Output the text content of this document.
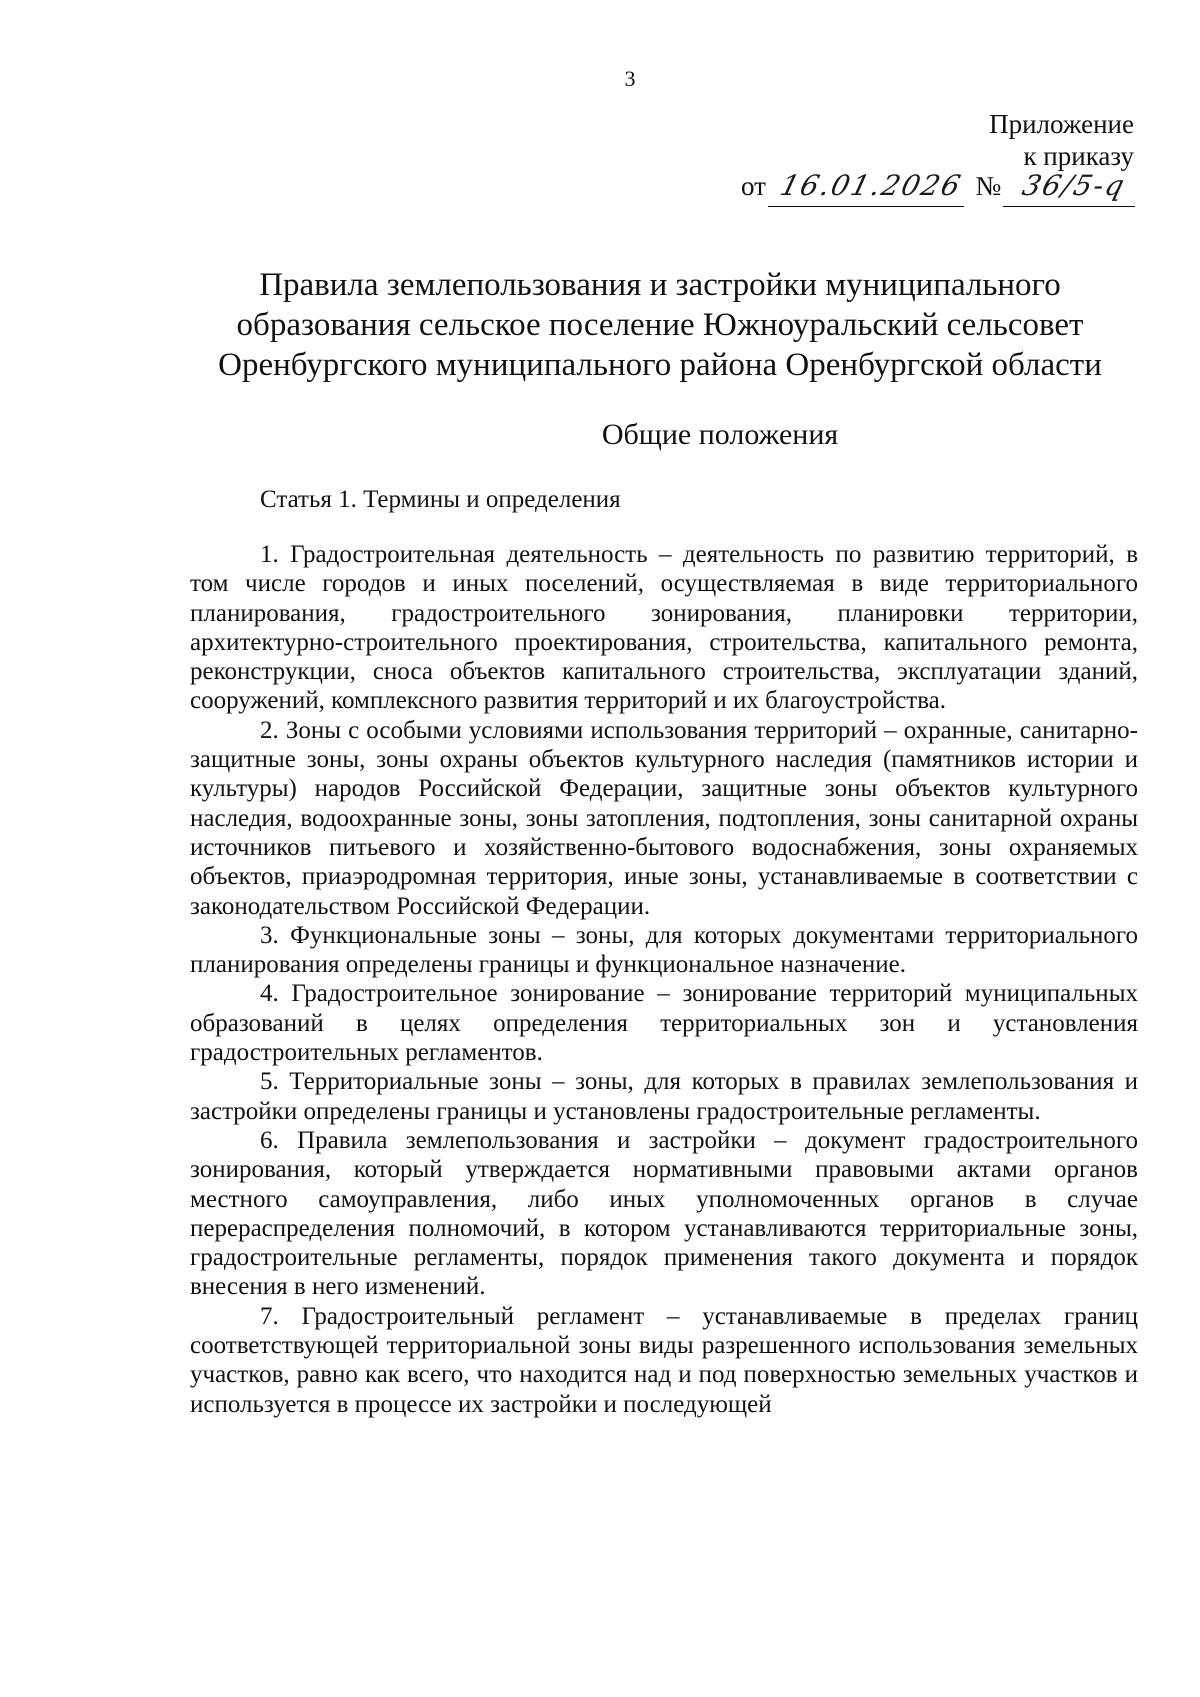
3
Приложение
к приказу
от 16.01.2026 № 36/5-q
Правила землепользования и застройки муниципального образования сельское поселение Южноуральский сельсовет Оренбургского муниципального района Оренбургской области
Общие положения
Статья 1. Термины и определения

1. Градостроительная деятельность – деятельность по развитию территорий, в том числе городов и иных поселений, осуществляемая в виде территориального планирования, градостроительного зонирования, планировки территории, архитектурно-строительного проектирования, строительства, капитального ремонта, реконструкции, сноса объектов капитального строительства, эксплуатации зданий, сооружений, комплексного развития территорий и их благоустройства.

2. Зоны с особыми условиями использования территорий – охранные, санитарно-защитные зоны, зоны охраны объектов культурного наследия (памятников истории и культуры) народов Российской Федерации, защитные зоны объектов культурного наследия, водоохранные зоны, зоны затопления, подтопления, зоны санитарной охраны источников питьевого и хозяйственно-бытового водоснабжения, зоны охраняемых объектов, приаэродромная территория, иные зоны, устанавливаемые в соответствии с законодательством Российской Федерации.

3. Функциональные зоны – зоны, для которых документами территориального планирования определены границы и функциональное назначение.

4. Градостроительное зонирование – зонирование территорий муниципальных образований в целях определения территориальных зон и установления градостроительных регламентов.

5. Территориальные зоны – зоны, для которых в правилах землепользования и застройки определены границы и установлены градостроительные регламенты.

6. Правила землепользования и застройки – документ градостроительного зонирования, который утверждается нормативными правовыми актами органов местного самоуправления, либо иных уполномоченных органов в случае перераспределения полномочий, в котором устанавливаются территориальные зоны, градостроительные регламенты, порядок применения такого документа и порядок внесения в него изменений.

7. Градостроительный регламент – устанавливаемые в пределах границ соответствующей территориальной зоны виды разрешенного использования земельных участков, равно как всего, что находится над и под поверхностью земельных участков и используется в процессе их застройки и последующей
